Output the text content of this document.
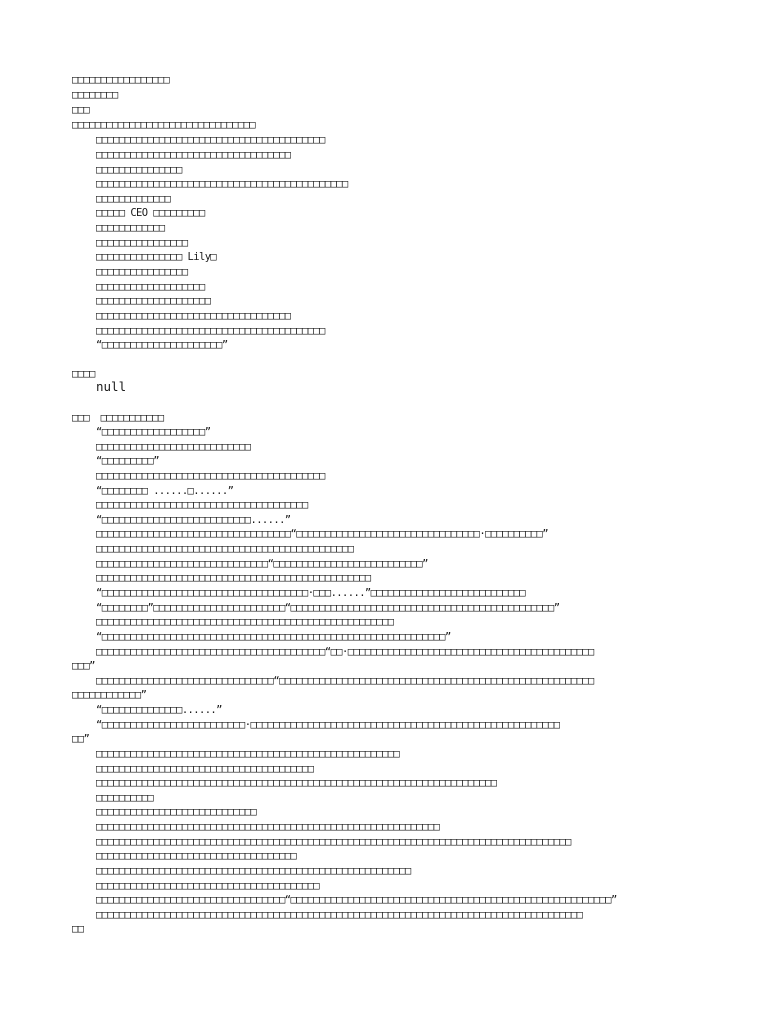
□□□□□□□□□□□□□□□□□
□□□□□□□□
□□□
□□□□□□□□□□□□□□□□□□□□□□□□□□□□□□□□
□□□□□□□□□□□□□□□□□□□□□□□□□□□□□□□□□□□□□□□□
□□□□□□□□□□□□□□□□□□□□□□□□□□□□□□□□□□
□□□□□□□□□□□□□□□
□□□□□□□□□□□□□□□□□□□□□□□□□□□□□□□□□□□□□□□□□□□□
□□□□□□□□□□□□□
□□□□□ CEO □□□□□□□□□
□□□□□□□□□□□□
□□□□□□□□□□□□□□□□
□□□□□□□□□□□□□□□ Lily□
□□□□□□□□□□□□□□□□
□□□□□□□□□□□□□□□□□□□
□□□□□□□□□□□□□□□□□□□□
□□□□□□□□□□□□□□□□□□□□□□□□□□□□□□□□□□
□□□□□□□□□□□□□□□□□□□□□□□□□□□□□□□□□□□□□□□□
“□□□□□□□□□□□□□□□□□□□□□”
□□□□
null
□□□  □□□□□□□□□□□
“□□□□□□□□□□□□□□□□□□”
□□□□□□□□□□□□□□□□□□□□□□□□□□□
“□□□□□□□□□”
□□□□□□□□□□□□□□□□□□□□□□□□□□□□□□□□□□□□□□□□
“□□□□□□□□ ......□......”
□□□□□□□□□□□□□□□□□□□□□□□□□□□□□□□□□□□□□
“□□□□□□□□□□□□□□□□□□□□□□□□□□......”
□□□□□□□□□□□□□□□□□□□□□□□□□□□□□□□□□□“□□□□□□□□□□□□□□□□□□□□□□□□□□□□□□□□·□□□□□□□□□□”
□□□□□□□□□□□□□□□□□□□□□□□□□□□□□□□□□□□□□□□□□□□□□
□□□□□□□□□□□□□□□□□□□□□□□□□□□□□□“□□□□□□□□□□□□□□□□□□□□□□□□□□”
□□□□□□□□□□□□□□□□□□□□□□□□□□□□□□□□□□□□□□□□□□□□□□□□
“□□□□□□□□□□□□□□□□□□□□□□□□□□□□□□□□□□□□·□□□......”□□□□□□□□□□□□□□□□□□□□□□□□□□□
“□□□□□□□□”□□□□□□□□□□□□□□□□□□□□□□□“□□□□□□□□□□□□□□□□□□□□□□□□□□□□□□□□□□□□□□□□□□□□□□”
□□□□□□□□□□□□□□□□□□□□□□□□□□□□□□□□□□□□□□□□□□□□□□□□□□□□
“□□□□□□□□□□□□□□□□□□□□□□□□□□□□□□□□□□□□□□□□□□□□□□□□□□□□□□□□□□□□”
□□□□□□□□□□□□□□□□□□□□□□□□□□□□□□□□□□□□□□□□“□□·□□□□□□□□□□□□□□□□□□□□□□□□□□□□□□□□□□□□□□□□□□□
□□□”
□□□□□□□□□□□□□□□□□□□□□□□□□□□□□□□“□□□□□□□□□□□□□□□□□□□□□□□□□□□□□□□□□□□□□□□□□□□□□□□□□□□□□□□
□□□□□□□□□□□□”
“□□□□□□□□□□□□□□......”
“□□□□□□□□□□□□□□□□□□□□□□□□□·□□□□□□□□□□□□□□□□□□□□□□□□□□□□□□□□□□□□□□□□□□□□□□□□□□□□□□
□□”
□□□□□□□□□□□□□□□□□□□□□□□□□□□□□□□□□□□□□□□□□□□□□□□□□□□□□
□□□□□□□□□□□□□□□□□□□□□□□□□□□□□□□□□□□□□□
□□□□□□□□□□□□□□□□□□□□□□□□□□□□□□□□□□□□□□□□□□□□□□□□□□□□□□□□□□□□□□□□□□□□□□
□□□□□□□□□□
□□□□□□□□□□□□□□□□□□□□□□□□□□□□
□□□□□□□□□□□□□□□□□□□□□□□□□□□□□□□□□□□□□□□□□□□□□□□□□□□□□□□□□□□□
□□□□□□□□□□□□□□□□□□□□□□□□□□□□□□□□□□□□□□□□□□□□□□□□□□□□□□□□□□□□□□□□□□□□□□□□□□□□□□□□□□□
□□□□□□□□□□□□□□□□□□□□□□□□□□□□□□□□□□□
□□□□□□□□□□□□□□□□□□□□□□□□□□□□□□□□□□□□□□□□□□□□□□□□□□□□□□□
□□□□□□□□□□□□□□□□□□□□□□□□□□□□□□□□□□□□□□□
□□□□□□□□□□□□□□□□□□□□□□□□□□□□□□□□□“□□□□□□□□□□□□□□□□□□□□□□□□□□□□□□□□□□□□□□□□□□□□□□□□□□□□□□□□”
□□□□□□□□□□□□□□□□□□□□□□□□□□□□□□□□□□□□□□□□□□□□□□□□□□□□□□□□□□□□□□□□□□□□□□□□□□□□□□□□□□□□□
□□
